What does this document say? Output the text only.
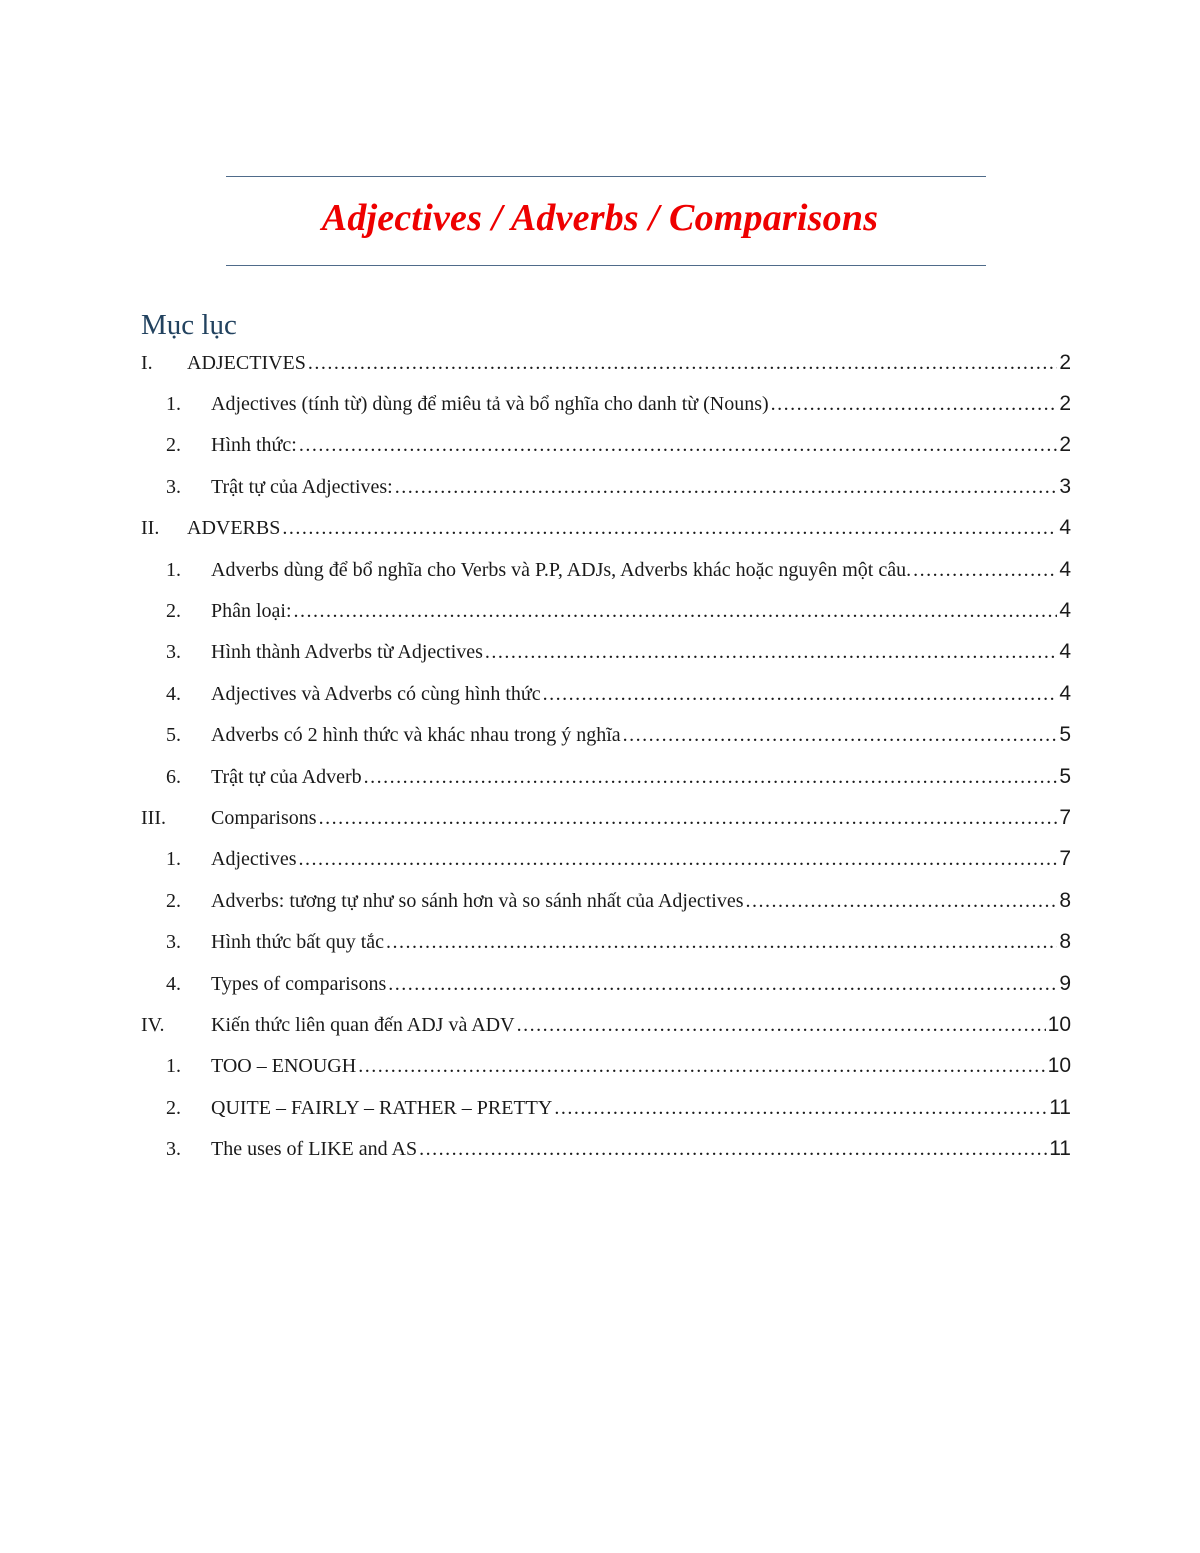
Adjectives / Adverbs / Comparisons
Mục lục
I. ADJECTIVES .....	2
1. Adjectives (tính từ) dùng để miêu tả và bổ nghĩa cho danh từ (Nouns) .....	2
2. Hình thức: .....	2
3. Trật tự của Adjectives: .....	3
II. ADVERBS .....	4
1. Adverbs dùng để bổ nghĩa cho Verbs và P.P, ADJs, Adverbs khác hoặc nguyên một câu. .....	4
2. Phân loại: .....	4
3. Hình thành Adverbs từ Adjectives .....	4
4. Adjectives và Adverbs có cùng hình thức .....	4
5. Adverbs có 2 hình thức và khác nhau trong ý nghĩa .....	5
6. Trật tự của Adverb .....	5
III. Comparisons .....	7
1. Adjectives .....	7
2. Adverbs: tương tự như so sánh hơn và so sánh nhất của Adjectives .....	8
3. Hình thức bất quy tắc .....	8
4. Types of comparisons .....	9
IV. Kiến thức liên quan đến ADJ và ADV .....	10
1. TOO – ENOUGH .....	10
2. QUITE – FAIRLY – RATHER – PRETTY .....	11
3. The uses of LIKE and AS .....	11
